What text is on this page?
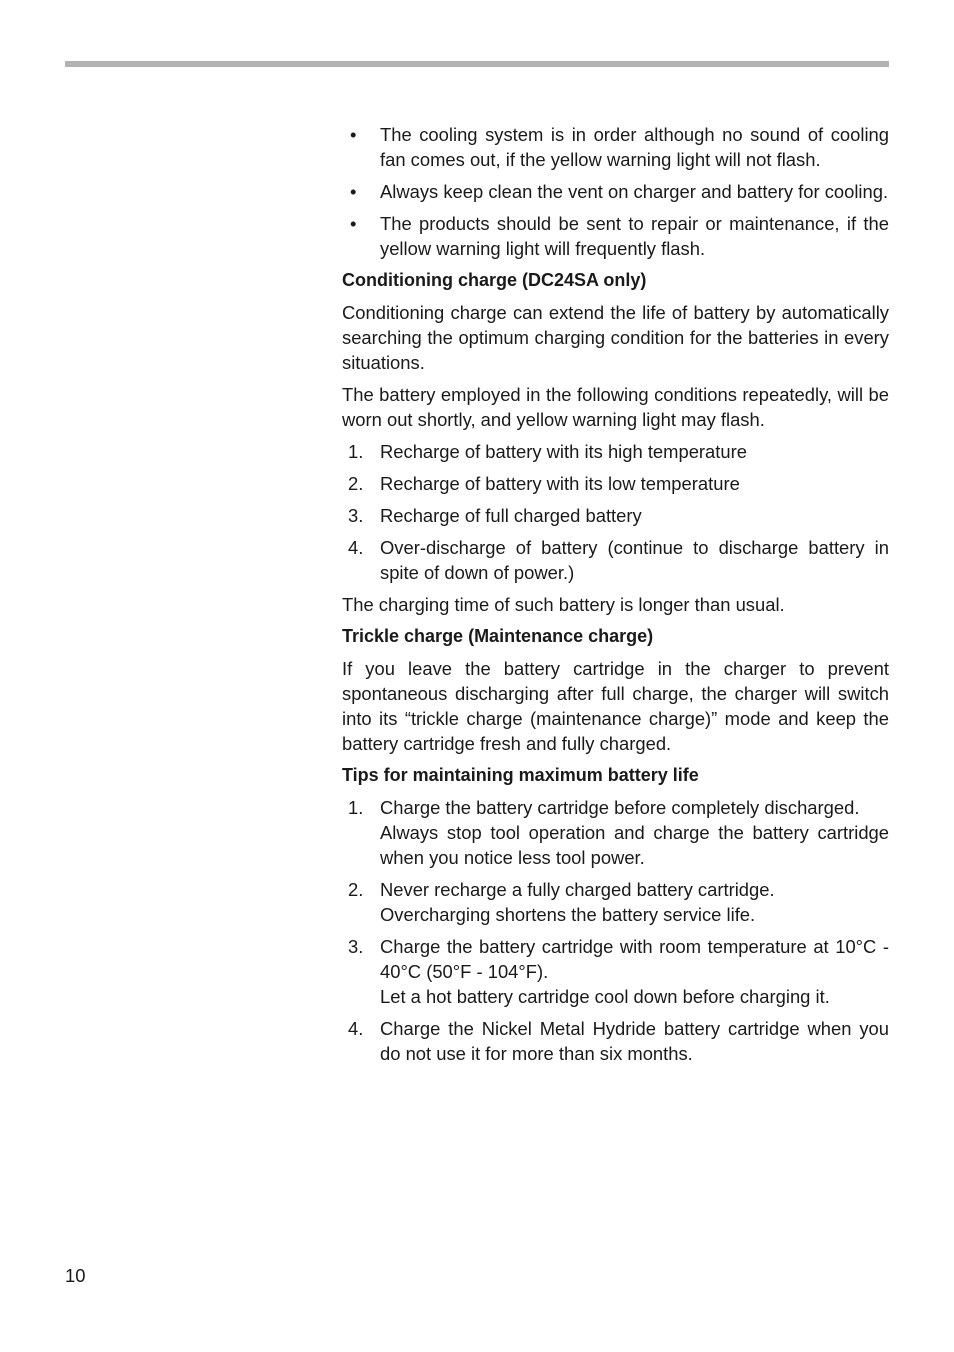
• The cooling system is in order although no sound of cooling fan comes out, if the yellow warning light will not flash.
• Always keep clean the vent on charger and battery for cooling.
• The products should be sent to repair or maintenance, if the yellow warning light will frequently flash.
Conditioning charge (DC24SA only)
Conditioning charge can extend the life of battery by automatically searching the optimum charging condition for the batteries in every situations.
The battery employed in the following conditions repeatedly, will be worn out shortly, and yellow warning light may flash.
1. Recharge of battery with its high temperature
2. Recharge of battery with its low temperature
3. Recharge of full charged battery
4. Over-discharge of battery (continue to discharge battery in spite of down of power.)
The charging time of such battery is longer than usual.
Trickle charge (Maintenance charge)
If you leave the battery cartridge in the charger to prevent spontaneous discharging after full charge, the charger will switch into its “trickle charge (maintenance charge)” mode and keep the battery cartridge fresh and fully charged.
Tips for maintaining maximum battery life
1. Charge the battery cartridge before completely discharged.
Always stop tool operation and charge the battery cartridge when you notice less tool power.
2. Never recharge a fully charged battery cartridge.
Overcharging shortens the battery service life.
3. Charge the battery cartridge with room temperature at 10°C - 40°C (50°F - 104°F).
Let a hot battery cartridge cool down before charging it.
4. Charge the Nickel Metal Hydride battery cartridge when you do not use it for more than six months.
10
